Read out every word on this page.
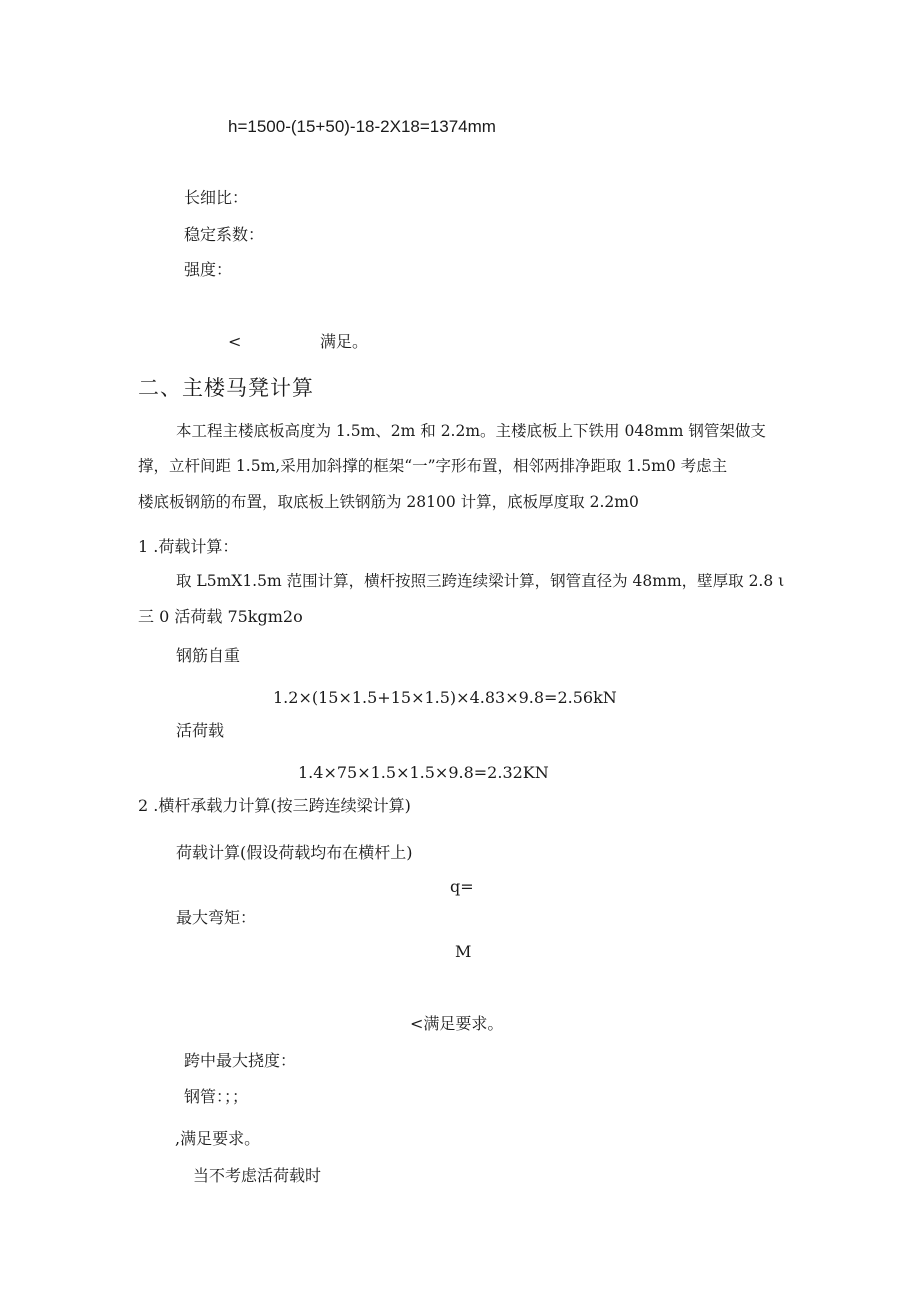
h=1500-(15+50)-18-2X18=1374mm
长细比：
稳定系数：
强度：
<	满足。
二、主楼马凳计算
本工程主楼底板高度为 1.5m、2m 和 2.2m。主楼底板上下铁用 048mm 钢管架做支
撑，立杆间距 1.5m,采用加斜撑的框架“一”字形布置，相邻两排净距取 1.5m0 考虑主
楼底板钢筋的布置，取底板上铁钢筋为 28100 计算，底板厚度取 2.2m0
1 .荷载计算：
取 L5mX1.5m 范围计算，横杆按照三跨连续梁计算，钢管直径为 48mm，壁厚取 2.8 ι
三 0 活荷载 75kgm2o
钢筋自重
1.2×(15×1.5+15×1.5)×4.83×9.8=2.56kN
活荷载
1.4×75×1.5×1.5×9.8=2.32KN
2 .横杆承载力计算(按三跨连续梁计算)
荷载计算(假设荷载均布在横杆上)
q=
最大弯矩：
M
<满足要求。
跨中最大挠度：
钢管：；；
,满足要求。
当不考虑活荷载时
